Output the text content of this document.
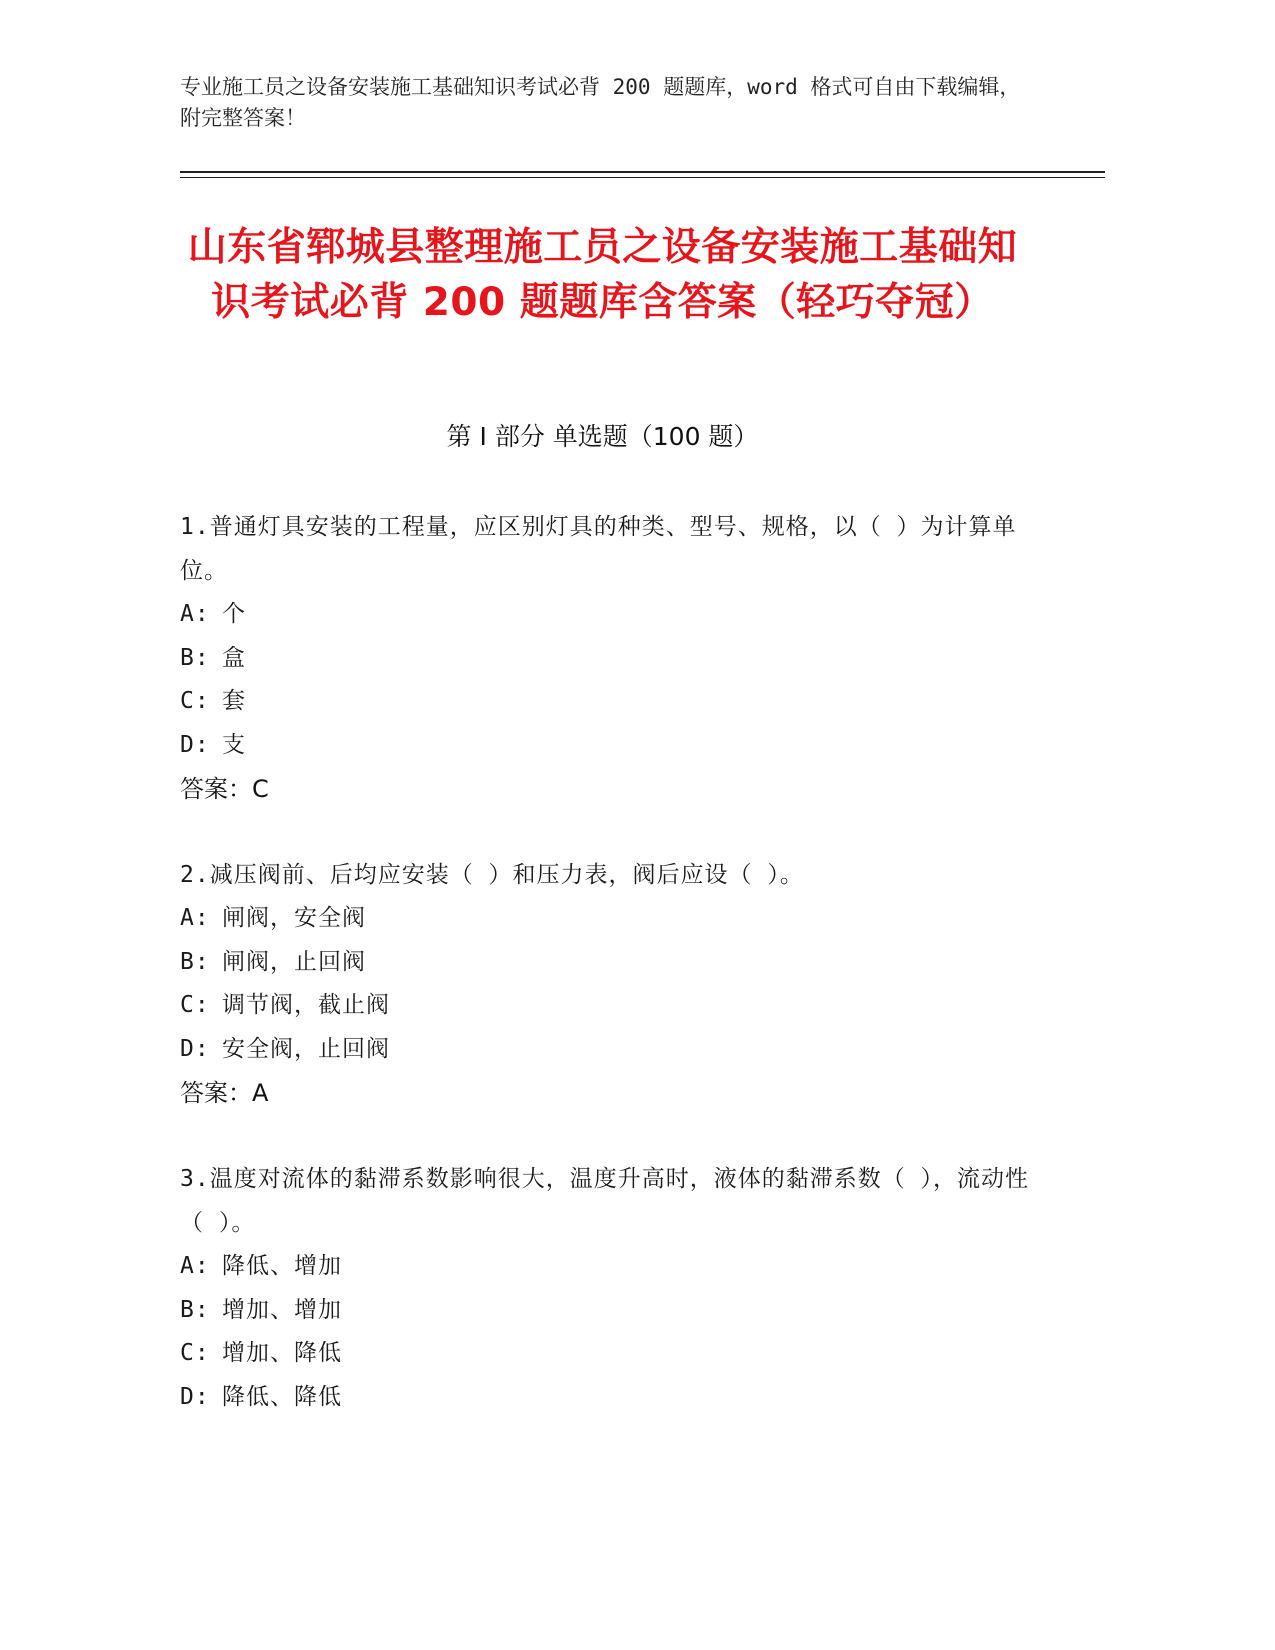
专业施工员之设备安装施工基础知识考试必背 200 题题库，word 格式可自由下载编辑，附完整答案！
山东省郓城县整理施工员之设备安装施工基础知识考试必背 200 题题库含答案（轻巧夺冠）
第 I 部分 单选题（100 题）

1.普通灯具安装的工程量，应区别灯具的种类、型号、规格，以（ ）为计算单位。

A: 个

B: 盒

C: 套

D: 支

答案：C

2.减压阀前、后均应安装（ ）和压力表，阀后应设（ ）。

A: 闸阀，安全阀

B: 闸阀，止回阀

C: 调节阀，截止阀

D: 安全阀，止回阀

答案：A

3.温度对流体的黏滞系数影响很大，温度升高时，液体的黏滞系数（ ），流动性（ ）。

A: 降低、增加

B: 增加、增加

C: 增加、降低

D: 降低、降低
